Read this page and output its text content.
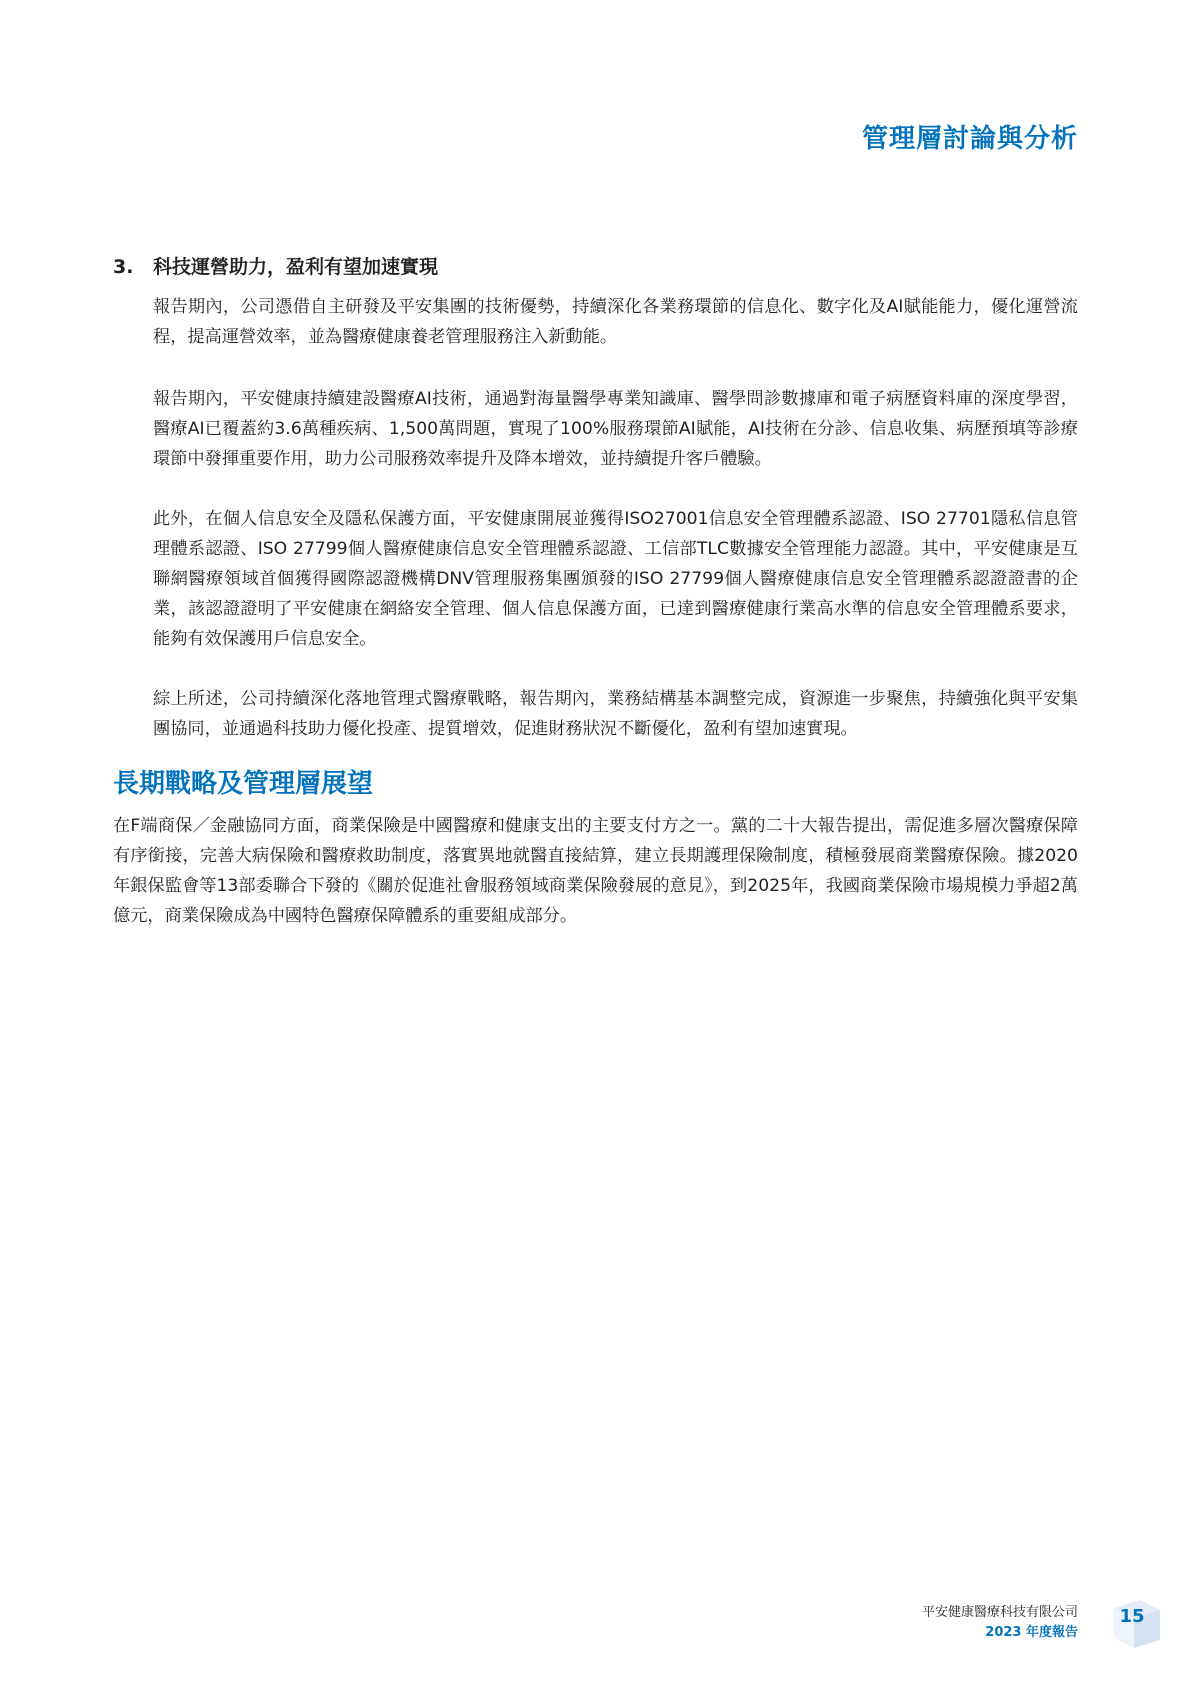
管理層討論與分析
3. 科技運營助力，盈利有望加速實現

報告期內，公司憑借自主研發及平安集團的技術優勢，持續深化各業務環節的信息化、數字化及AI賦能能力，優化運營流程，提高運營效率，並為醫療健康養老管理服務注入新動能。

報告期內，平安健康持續建設醫療AI技術，通過對海量醫學專業知識庫、醫學問診數據庫和電子病歷資料庫的深度學習，醫療AI已覆蓋約3.6萬種疾病、1,500萬問題，實現了100%服務環節AI賦能，AI技術在分診、信息收集、病歷預填等診療環節中發揮重要作用，助力公司服務效率提升及降本增效，並持續提升客戶體驗。

此外，在個人信息安全及隱私保護方面，平安健康開展並獲得ISO27001信息安全管理體系認證、ISO 27701隱私信息管理體系認證、ISO 27799個人醫療健康信息安全管理體系認證、工信部TLC數據安全管理能力認證。其中，平安健康是互聯網醫療領域首個獲得國際認證機構DNV管理服務集團頒發的ISO 27799個人醫療健康信息安全管理體系認證證書的企業，該認證證明了平安健康在網絡安全管理、個人信息保護方面，已達到醫療健康行業高水準的信息安全管理體系要求，能夠有效保護用戶信息安全。

綜上所述，公司持續深化落地管理式醫療戰略，報告期內，業務結構基本調整完成，資源進一步聚焦，持續強化與平安集團協同，並通過科技助力優化投產、提質增效，促進財務狀況不斷優化，盈利有望加速實現。

長期戰略及管理層展望

在F端商保／金融協同方面，商業保險是中國醫療和健康支出的主要支付方之一。黨的二十大報告提出，需促進多層次醫療保障有序銜接，完善大病保險和醫療救助制度，落實異地就醫直接結算，建立長期護理保險制度，積極發展商業醫療保險。據2020年銀保監會等13部委聯合下發的《關於促進社會服務領域商業保險發展的意見》，到2025年，我國商業保險市場規模力爭超2萬億元，商業保險成為中國特色醫療保障體系的重要組成部分。

平安健康醫療科技有限公司
2023 年度報告
15
